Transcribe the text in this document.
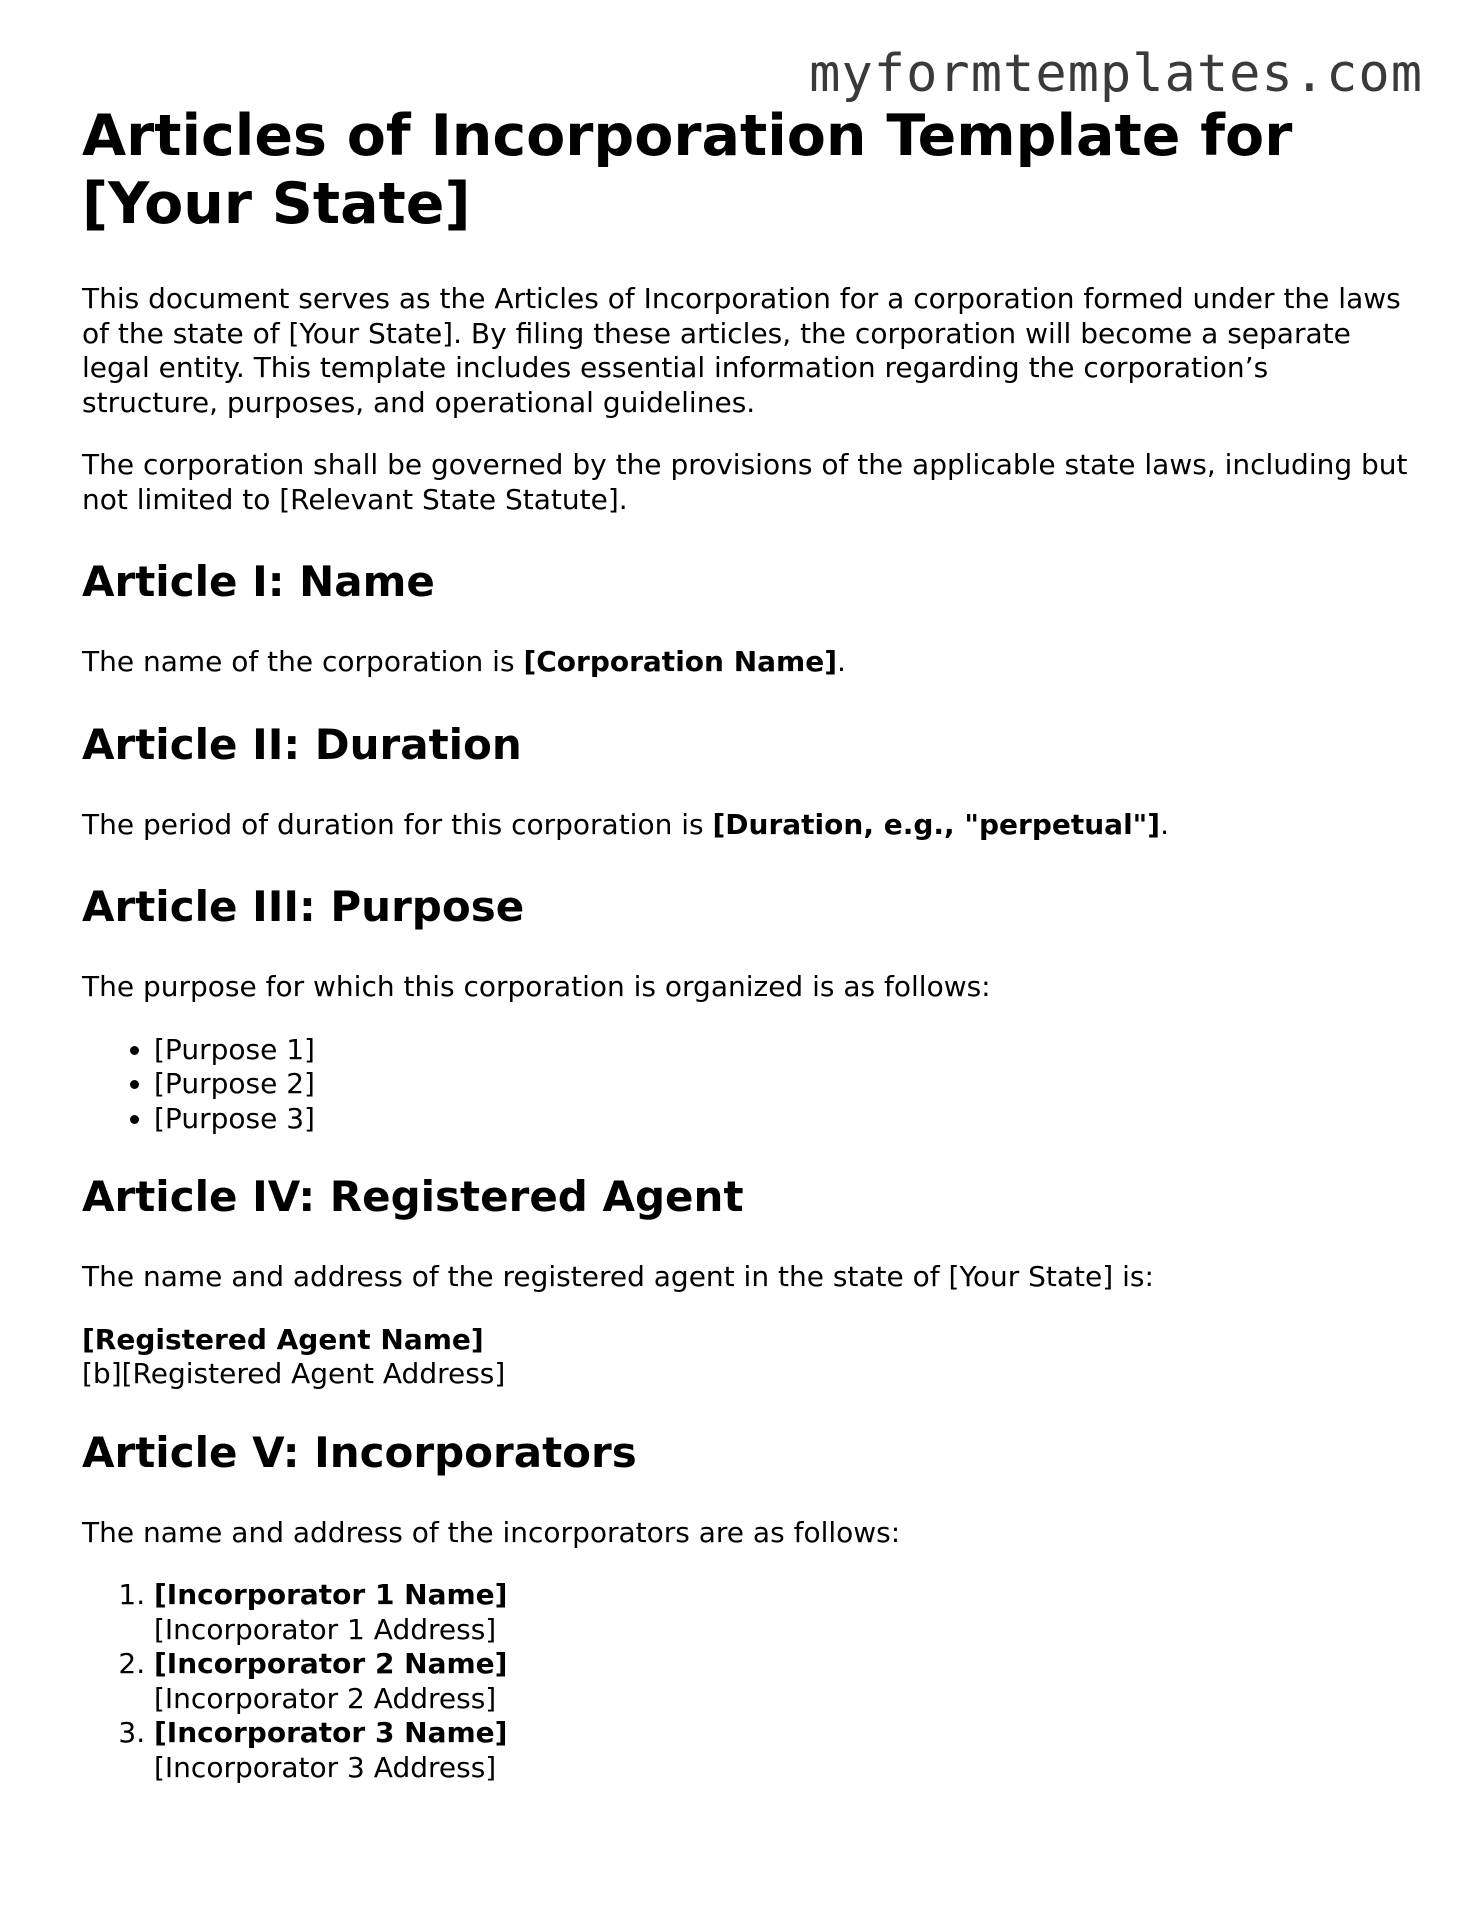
myformtemplates.com
Articles of Incorporation Template for [Your State]

This document serves as the Articles of Incorporation for a corporation formed under the laws of the state of [Your State]. By filing these articles, the corporation will become a separate legal entity. This template includes essential information regarding the corporation’s structure, purposes, and operational guidelines.

The corporation shall be governed by the provisions of the applicable state laws, including but not limited to [Relevant State Statute].

Article I: Name

The name of the corporation is [Corporation Name].

Article II: Duration

The period of duration for this corporation is [Duration, e.g., "perpetual"].

Article III: Purpose

The purpose for which this corporation is organized is as follows:

• [Purpose 1]
• [Purpose 2]
• [Purpose 3]
Article IV: Registered Agent

The name and address of the registered agent in the state of [Your State] is:

[Registered Agent Name]
[b][Registered Agent Address]

Article V: Incorporators

The name and address of the incorporators are as follows:

1. [Incorporator 1 Name]
[Incorporator 1 Address]
2. [Incorporator 2 Name]
[Incorporator 2 Address]
3. [Incorporator 3 Name]
[Incorporator 3 Address]
